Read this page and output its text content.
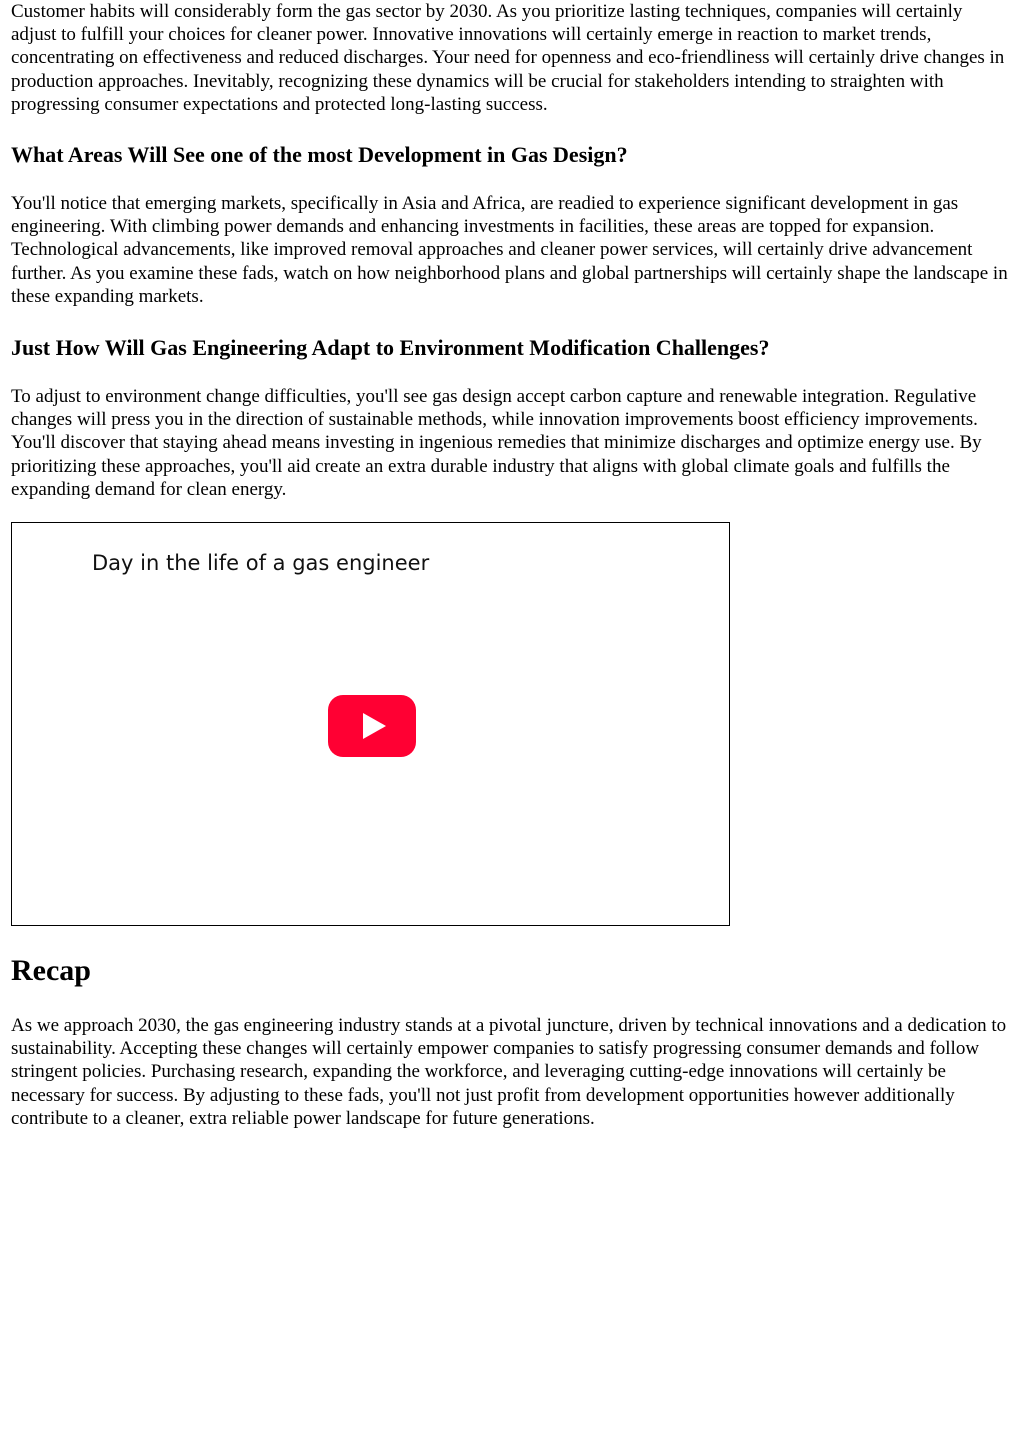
Customer habits will considerably form the gas sector by 2030. As you prioritize lasting techniques, companies will certainly adjust to fulfill your choices for cleaner power. Innovative innovations will certainly emerge in reaction to market trends, concentrating on effectiveness and reduced discharges. Your need for openness and eco-friendliness will certainly drive changes in production approaches. Inevitably, recognizing these dynamics will be crucial for stakeholders intending to straighten with progressing consumer expectations and protected long-lasting success.

What Areas Will See one of the most Development in Gas Design?

You'll notice that emerging markets, specifically in Asia and Africa, are readied to experience significant development in gas engineering. With climbing power demands and enhancing investments in facilities, these areas are topped for expansion. Technological advancements, like improved removal approaches and cleaner power services, will certainly drive advancement further. As you examine these fads, watch on how neighborhood plans and global partnerships will certainly shape the landscape in these expanding markets.

Just How Will Gas Engineering Adapt to Environment Modification Challenges?

To adjust to environment change difficulties, you'll see gas design accept carbon capture and renewable integration. Regulative changes will press you in the direction of sustainable methods, while innovation improvements boost efficiency improvements. You'll discover that staying ahead means investing in ingenious remedies that minimize discharges and optimize energy use. By prioritizing these approaches, you'll aid create an extra durable industry that aligns with global climate goals and fulfills the expanding demand for clean energy.

Recap

As we approach 2030, the gas engineering industry stands at a pivotal juncture, driven by technical innovations and a dedication to sustainability. Accepting these changes will certainly empower companies to satisfy progressing consumer demands and follow stringent policies. Purchasing research, expanding the workforce, and leveraging cutting-edge innovations will certainly be necessary for success. By adjusting to these fads, you'll not just profit from development opportunities however additionally contribute to a cleaner, extra reliable power landscape for future generations.

Day in the life of a gas engineer
